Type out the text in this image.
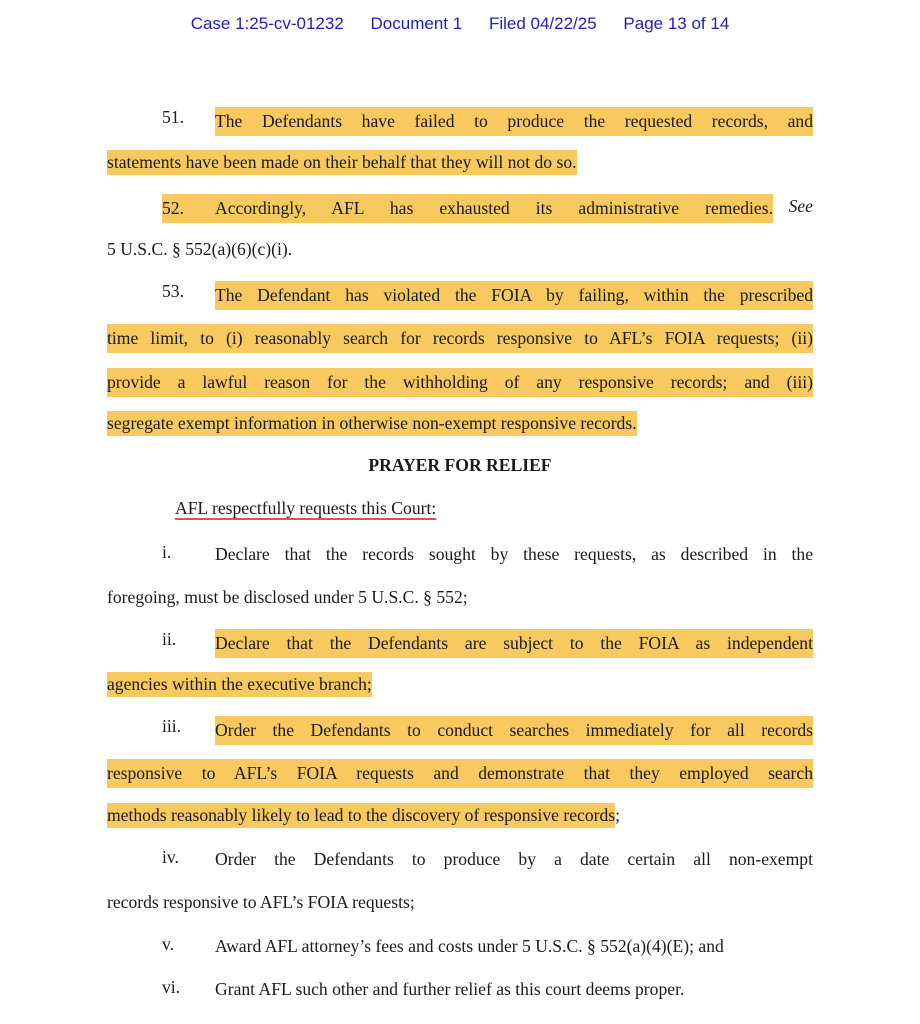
Case 1:25-cv-01232 Document 1 Filed 04/22/25 Page 13 of 14
51. The Defendants have failed to produce the requested records, and
statements have been made on their behalf that they will not do so.
52. Accordingly, AFL has exhausted its administrative remedies. See
5 U.S.C. § 552(a)(6)(c)(i).
53. The Defendant has violated the FOIA by failing, within the prescribed
time limit, to (i) reasonably search for records responsive to AFL’s FOIA requests; (ii)
provide a lawful reason for the withholding of any responsive records; and (iii)
segregate exempt information in otherwise non-exempt responsive records.
PRAYER FOR RELIEF
AFL respectfully requests this Court:
i. Declare that the records sought by these requests, as described in the
foregoing, must be disclosed under 5 U.S.C. § 552;
ii. Declare that the Defendants are subject to the FOIA as independent
agencies within the executive branch;
iii. Order the Defendants to conduct searches immediately for all records
responsive to AFL’s FOIA requests and demonstrate that they employed search
methods reasonably likely to lead to the discovery of responsive records;
iv. Order the Defendants to produce by a date certain all non-exempt
records responsive to AFL’s FOIA requests;
v. Award AFL attorney’s fees and costs under 5 U.S.C. § 552(a)(4)(E); and
vi. Grant AFL such other and further relief as this court deems proper.
